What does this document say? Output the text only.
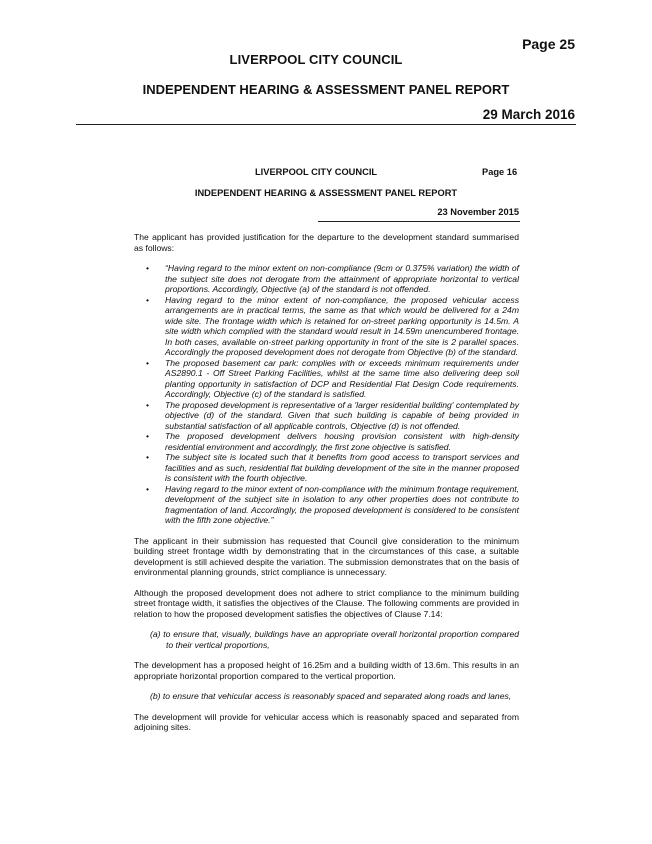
Page 25
LIVERPOOL CITY COUNCIL
INDEPENDENT HEARING & ASSESSMENT PANEL REPORT
29 March 2016
LIVERPOOL CITY COUNCIL	Page 16
INDEPENDENT HEARING & ASSESSMENT PANEL REPORT
23 November 2015

The applicant has provided justification for the departure to the development standard summarised as follows:

• “Having regard to the minor extent on non-compliance (9cm or 0.375% variation) the width of the subject site does not derogate from the attainment of appropriate horizontal to vertical proportions. Accordingly, Objective (a) of the standard is not offended.
• Having regard to the minor extent of non-compliance, the proposed vehicular access arrangements are in practical terms, the same as that which would be delivered for a 24m wide site. The frontage width which is retained for on-street parking opportunity is 14.5m. A site width which complied with the standard would result in 14.59m unencumbered frontage. In both cases, available on-street parking opportunity in front of the site is 2 parallel spaces. Accordingly the proposed development does not derogate from Objective (b) of the standard.
• The proposed basement car park: complies with or exceeds minimum requirements under AS2890.1 - Off Street Parking Facilities, whilst at the same time also delivering deep soil planting opportunity in satisfaction of DCP and Residential Flat Design Code requirements. Accordingly, Objective (c) of the standard is satisfied.
• The proposed development is representative of a 'larger residential building' contemplated by objective (d) of the standard. Given that such building is capable of being provided in substantial satisfaction of all applicable controls, Objective (d) is not offended.
• The proposed development delivers housing provision consistent with high-density residential environment and accordingly, the first zone objective is satisfied.
• The subject site is located such that it benefits from good access to transport services and facilities and as such, residential flat building development of the site in the manner proposed is consistent with the fourth objective.
• Having regard to the minor extent of non-compliance with the minimum frontage requirement, development of the subject site in isolation to any other properties does not contribute to fragmentation of land. Accordingly, the proposed development is considered to be consistent with the fifth zone objective.”

The applicant in their submission has requested that Council give consideration to the minimum building street frontage width by demonstrating that in the circumstances of this case, a suitable development is still achieved despite the variation. The submission demonstrates that on the basis of environmental planning grounds, strict compliance is unnecessary.

Although the proposed development does not adhere to strict compliance to the minimum building street frontage width, it satisfies the objectives of the Clause. The following comments are provided in relation to how the proposed development satisfies the objectives of Clause 7.14:

(a) to ensure that, visually, buildings have an appropriate overall horizontal proportion compared to their vertical proportions,

The development has a proposed height of 16.25m and a building width of 13.6m. This results in an appropriate horizontal proportion compared to the vertical proportion.

(b) to ensure that vehicular access is reasonably spaced and separated along roads and lanes,

The development will provide for vehicular access which is reasonably spaced and separated from adjoining sites.
